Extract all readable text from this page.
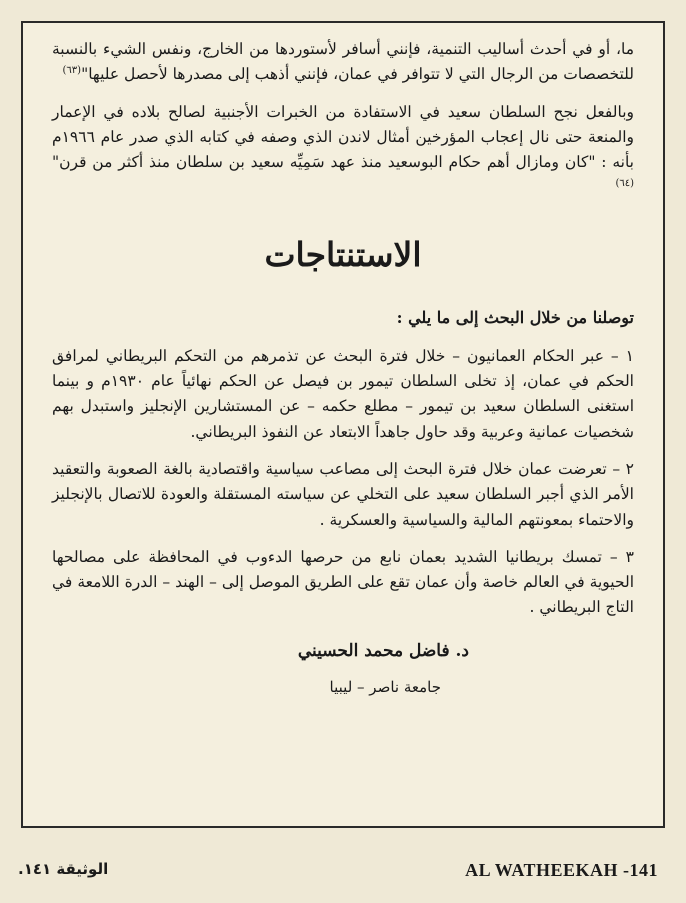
ما، أو في أحدث أساليب التنمية، فإنني أسافر لأستوردها من الخارج، ونفس الشيء بالنسبة للتخصصات من الرجال التي لا تتوافر في عمان، فإنني أذهب إلى مصدرها لأحصل عليها"$^{(٦٣)}$

وبالفعل نجح السلطان سعيد في الاستفادة من الخبرات الأجنبية لصالح بلاده في الإعمار والمنعة حتى نال إعجاب المؤرخين أمثال لاندن الذي وصفه في كتابه الذي صدر عام ١٩٦٦م بأنه : "كان ومازال أهم حكام البوسعيد منذ عهد سَمِيِّه سعيد بن سلطان منذ أكثر من قرن"$^{(٦٤)}$

الاستنتاجات

توصلنا من خلال البحث إلى ما يلي :

١ – عبر الحكام العمانيون – خلال فترة البحث عن تذمرهم من التحكم البريطاني لمرافق الحكم في عمان، إذ تخلى السلطان تيمور بن فيصل عن الحكم نهائياً عام ١٩٣٠م و بينما استغنى السلطان سعيد بن تيمور – مطلع حكمه – عن المستشارين الإنجليز واستبدل بهم شخصيات عمانية وعربية وقد حاول جاهداً الابتعاد عن النفوذ البريطاني.

٢ – تعرضت عمان خلال فترة البحث إلى مصاعب سياسية واقتصادية بالغة الصعوبة والتعقيد الأمر الذي أجبر السلطان سعيد على التخلي عن سياسته المستقلة والعودة للاتصال بالإنجليز والاحتماء بمعونتهم المالية والسياسية والعسكرية .

٣ – تمسك بريطانيا الشديد بعمان نابع من حرصها الدءوب في المحافظة على مصالحها الحيوية في العالم خاصة وأن عمان تقع على الطريق الموصل إلى – الهند – الدرة اللامعة في التاج البريطاني .

د. فاضل محمد الحسيني
جامعة ناصر – ليبيا
الوثيقة ١٤١.	AL WATHEEKAH -141
